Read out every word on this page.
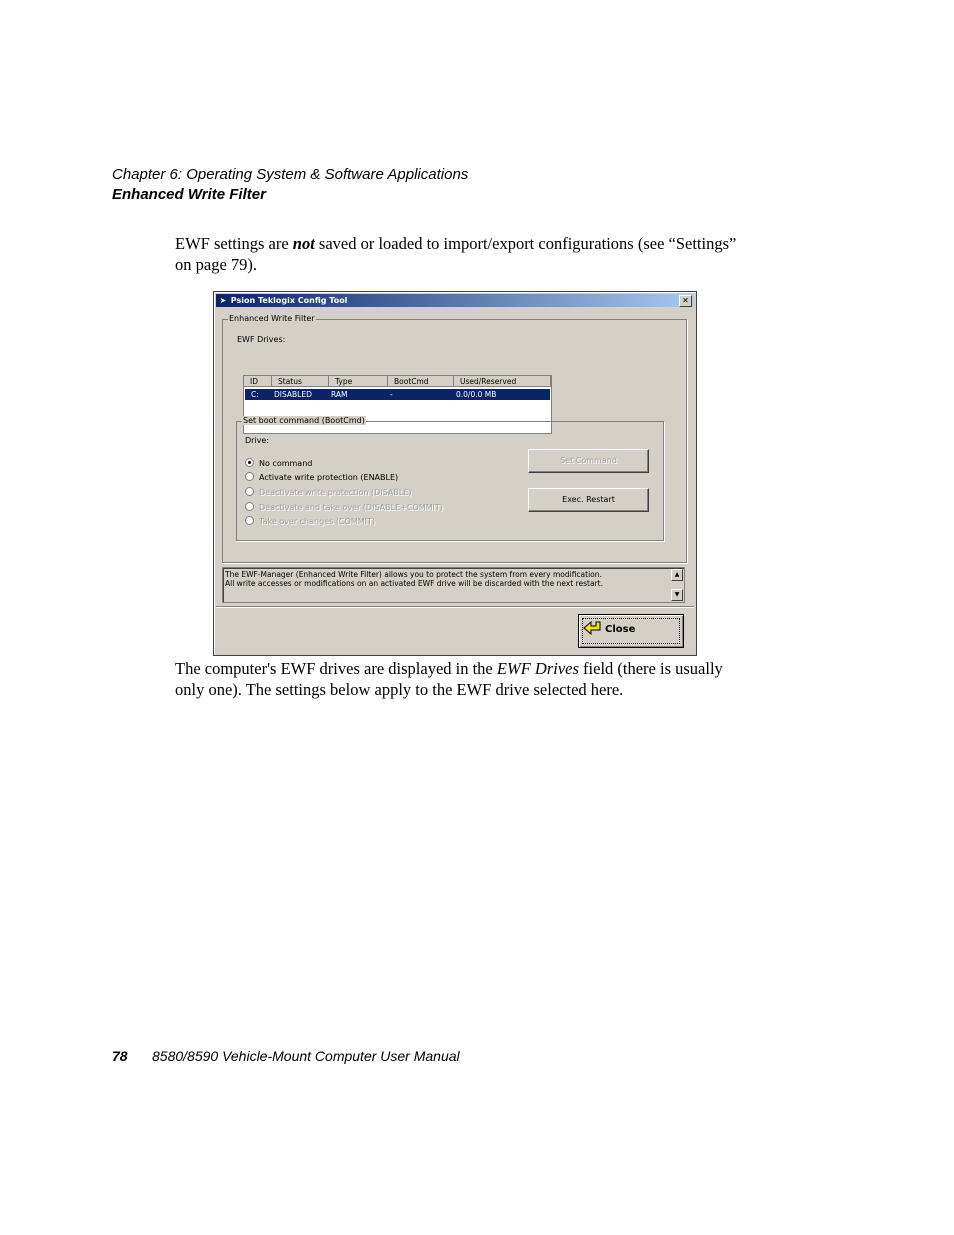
Chapter 6: Operating System & Software Applications
Enhanced Write Filter
EWF settings are not saved or loaded to import/export configurations (see “Settings” on page 79).
➤ Psion Teklogix Config Tool	✕
Enhanced Write Filter
EWF Drives:
ID	Status	Type	BootCmd	Used/Reserved
C: DISABLED	RAM	-	0.0/0.0 MB
Set boot command (BootCmd)
Drive:
No command
Activate write protection (ENABLE)
Deactivate write protection (DISABLE)
Deactivate and take over (DISABLE+COMMIT)
Take over changes (COMMIT)
Set Command
Exec. Restart
The EWF-Manager (Enhanced Write Filter) allows you to protect the system from every modification.
All write accesses or modifications on an activated EWF drive will be discarded with the next restart.
▲
▼
Close
The computer's EWF drives are displayed in the EWF Drives field (there is usually only one). The settings below apply to the EWF drive selected here.
78 8580/8590 Vehicle-Mount Computer User Manual
